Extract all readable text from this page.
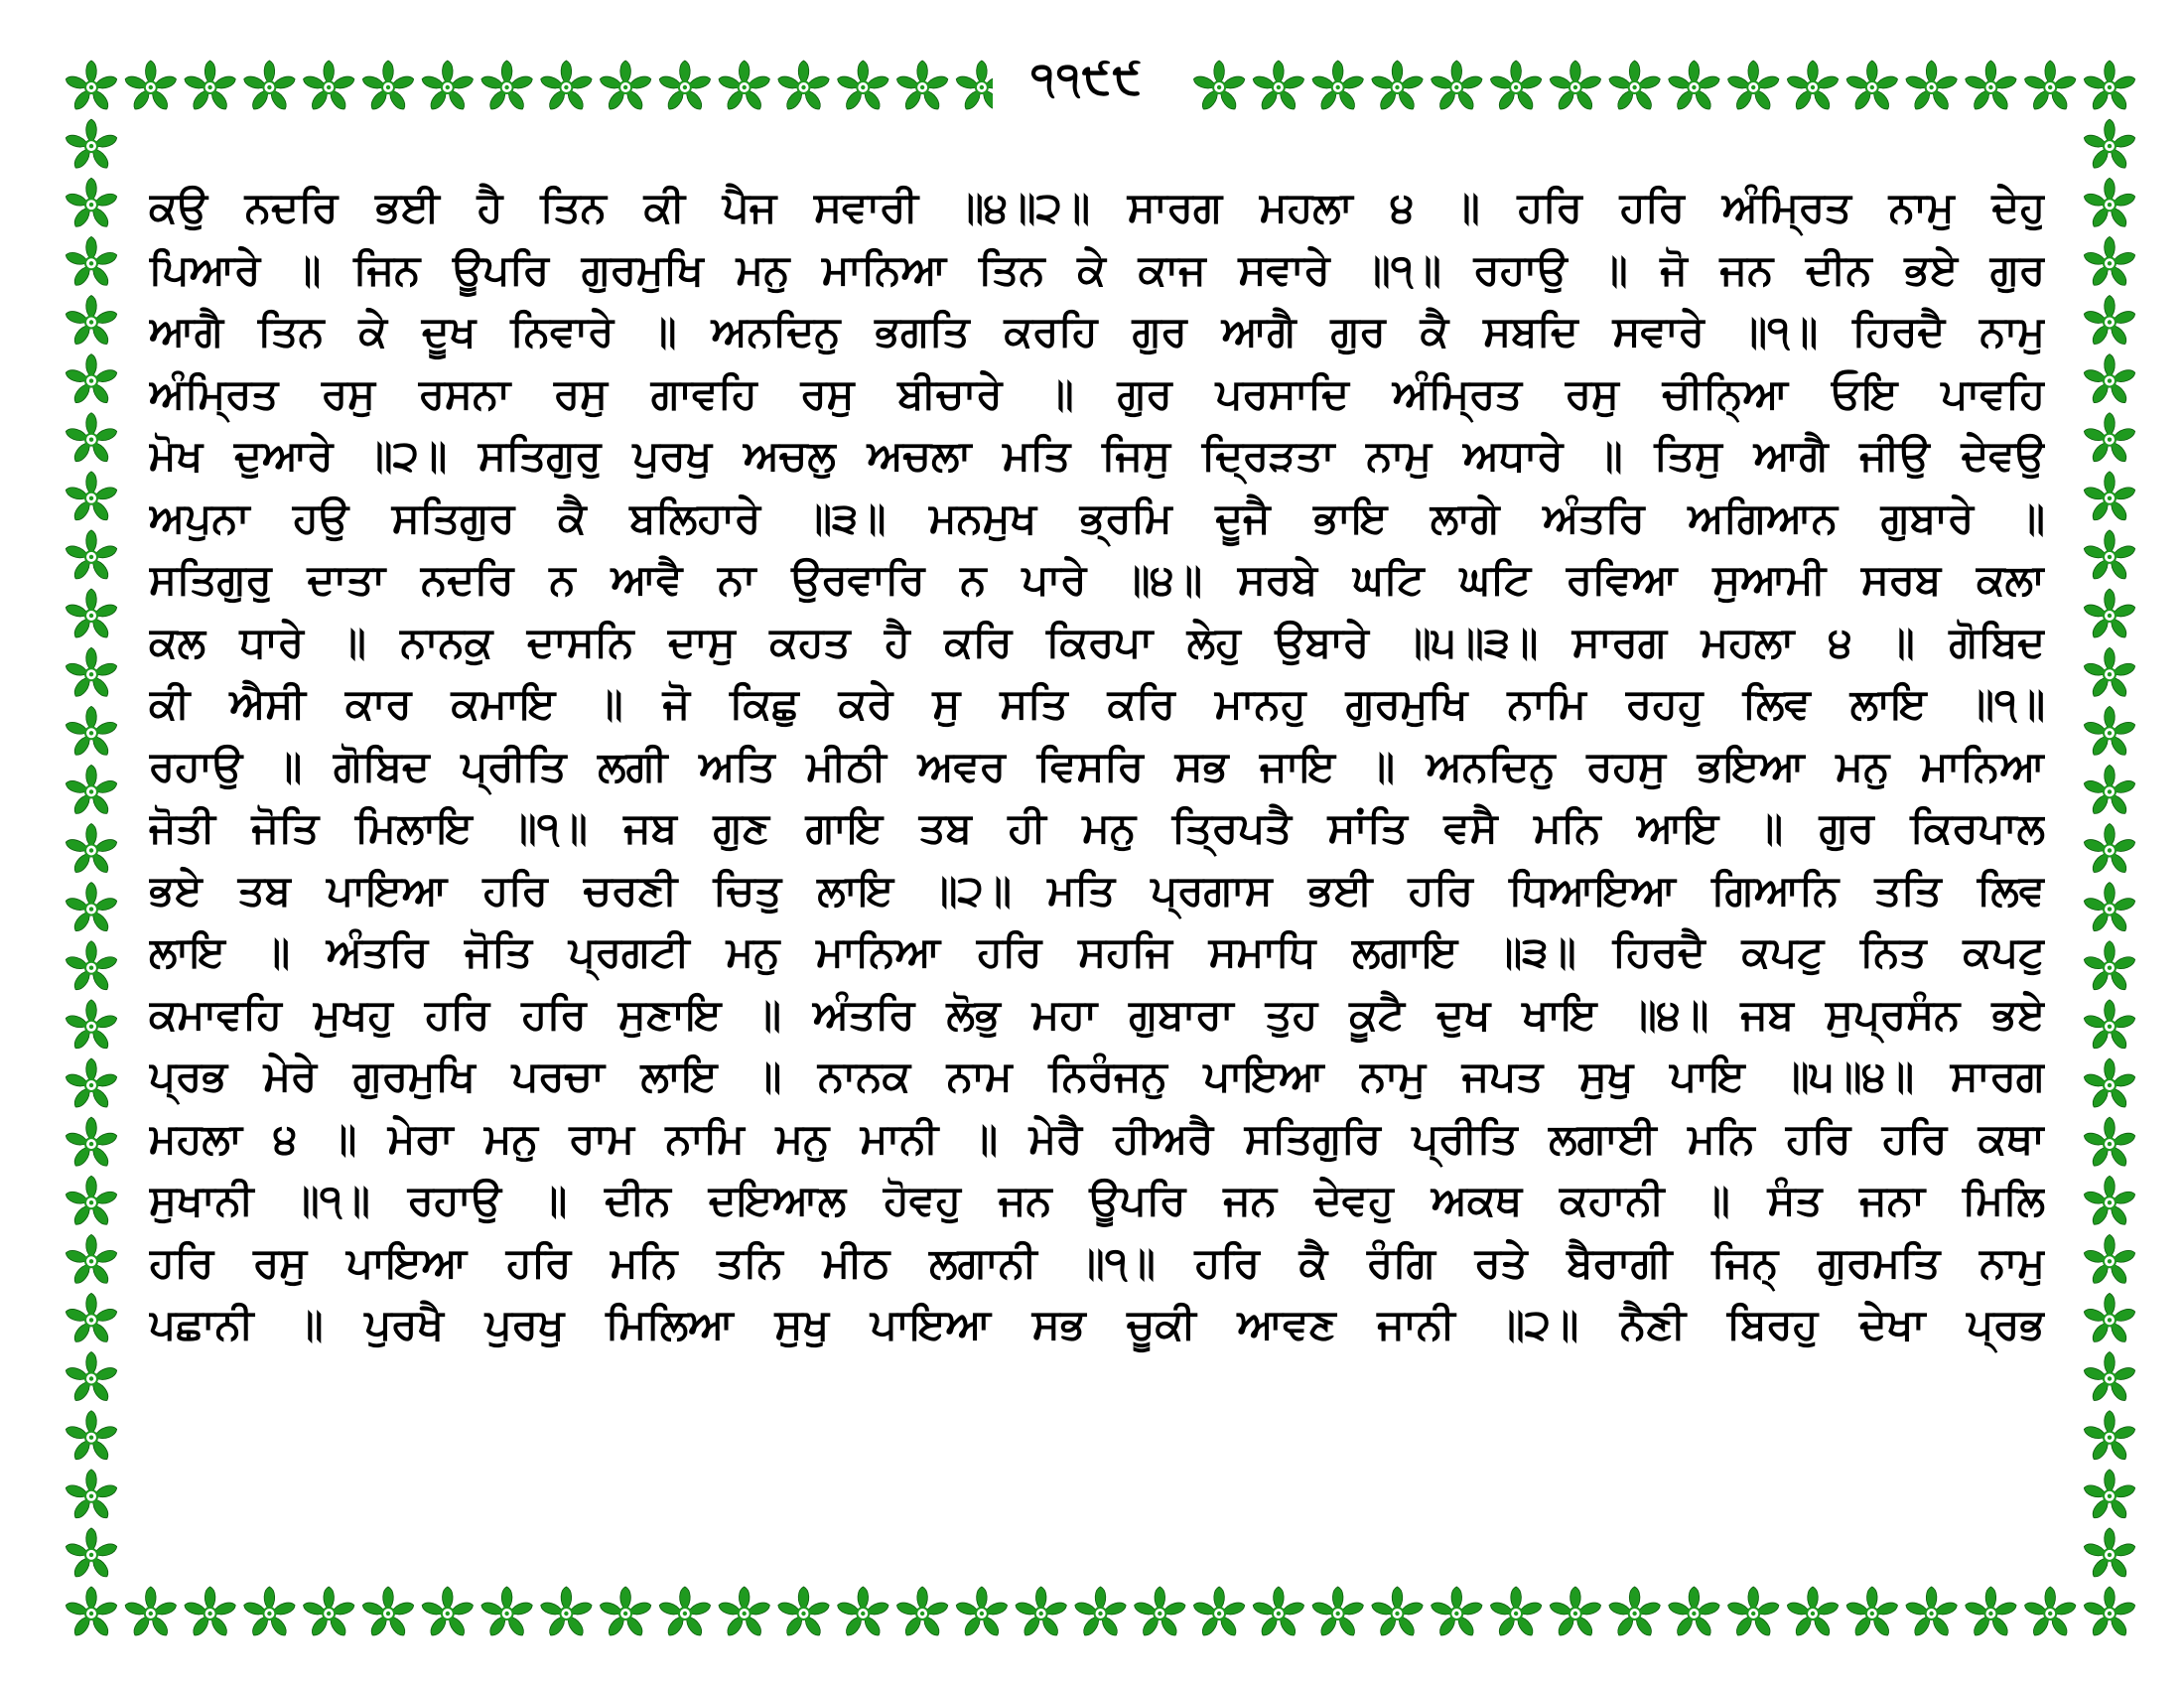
੧੧੯੯
ਕਉ ਨਦਰਿ ਭਈ ਹੈ ਤਿਨ ਕੀ ਪੈਜ ਸਵਾਰੀ ॥੪॥੨॥ ਸਾਰਗ ਮਹਲਾ ੪ ॥ ਹਰਿ ਹਰਿ ਅੰਮ੍ਰਿਤ ਨਾਮੁ ਦੇਹੁ
ਪਿਆਰੇ ॥ ਜਿਨ ਊਪਰਿ ਗੁਰਮੁਖਿ ਮਨੁ ਮਾਨਿਆ ਤਿਨ ਕੇ ਕਾਜ ਸਵਾਰੇ ॥੧॥ ਰਹਾਉ ॥ ਜੋ ਜਨ ਦੀਨ ਭਏ ਗੁਰ
ਆਗੈ ਤਿਨ ਕੇ ਦੂਖ ਨਿਵਾਰੇ ॥ ਅਨਦਿਨੁ ਭਗਤਿ ਕਰਹਿ ਗੁਰ ਆਗੈ ਗੁਰ ਕੈ ਸਬਦਿ ਸਵਾਰੇ ॥੧॥ ਹਿਰਦੈ ਨਾਮੁ
ਅੰਮ੍ਰਿਤ ਰਸੁ ਰਸਨਾ ਰਸੁ ਗਾਵਹਿ ਰਸੁ ਬੀਚਾਰੇ ॥ ਗੁਰ ਪਰਸਾਦਿ ਅੰਮ੍ਰਿਤ ਰਸੁ ਚੀਨਿ੍ਆ ਓਇ ਪਾਵਹਿ
ਮੋਖ ਦੁਆਰੇ ॥੨॥ ਸਤਿਗੁਰੁ ਪੁਰਖੁ ਅਚਲੁ ਅਚਲਾ ਮਤਿ ਜਿਸੁ ਦ੍ਰਿੜਤਾ ਨਾਮੁ ਅਧਾਰੇ ॥ ਤਿਸੁ ਆਗੈ ਜੀਉ ਦੇਵਉ
ਅਪੁਨਾ ਹਉ ਸਤਿਗੁਰ ਕੈ ਬਲਿਹਾਰੇ ॥੩॥ ਮਨਮੁਖ ਭ੍ਰਮਿ ਦੂਜੈ ਭਾਇ ਲਾਗੇ ਅੰਤਰਿ ਅਗਿਆਨ ਗੁਬਾਰੇ ॥
ਸਤਿਗੁਰੁ ਦਾਤਾ ਨਦਰਿ ਨ ਆਵੈ ਨਾ ਉਰਵਾਰਿ ਨ ਪਾਰੇ ॥੪॥ ਸਰਬੇ ਘਟਿ ਘਟਿ ਰਵਿਆ ਸੁਆਮੀ ਸਰਬ ਕਲਾ
ਕਲ ਧਾਰੇ ॥ ਨਾਨਕੁ ਦਾਸਨਿ ਦਾਸੁ ਕਹਤ ਹੈ ਕਰਿ ਕਿਰਪਾ ਲੇਹੁ ਉਬਾਰੇ ॥੫॥੩॥ ਸਾਰਗ ਮਹਲਾ ੪ ॥ ਗੋਬਿਦ
ਕੀ ਐਸੀ ਕਾਰ ਕਮਾਇ ॥ ਜੋ ਕਿਛੁ ਕਰੇ ਸੁ ਸਤਿ ਕਰਿ ਮਾਨਹੁ ਗੁਰਮੁਖਿ ਨਾਮਿ ਰਹਹੁ ਲਿਵ ਲਾਇ ॥੧॥
ਰਹਾਉ ॥ ਗੋਬਿਦ ਪ੍ਰੀਤਿ ਲਗੀ ਅਤਿ ਮੀਠੀ ਅਵਰ ਵਿਸਰਿ ਸਭ ਜਾਇ ॥ ਅਨਦਿਨੁ ਰਹਸੁ ਭਇਆ ਮਨੁ ਮਾਨਿਆ
ਜੋਤੀ ਜੋਤਿ ਮਿਲਾਇ ॥੧॥ ਜਬ ਗੁਣ ਗਾਇ ਤਬ ਹੀ ਮਨੁ ਤ੍ਰਿਪਤੈ ਸਾਂਤਿ ਵਸੈ ਮਨਿ ਆਇ ॥ ਗੁਰ ਕਿਰਪਾਲ
ਭਏ ਤਬ ਪਾਇਆ ਹਰਿ ਚਰਣੀ ਚਿਤੁ ਲਾਇ ॥੨॥ ਮਤਿ ਪ੍ਰਗਾਸ ਭਈ ਹਰਿ ਧਿਆਇਆ ਗਿਆਨਿ ਤਤਿ ਲਿਵ
ਲਾਇ ॥ ਅੰਤਰਿ ਜੋਤਿ ਪ੍ਰਗਟੀ ਮਨੁ ਮਾਨਿਆ ਹਰਿ ਸਹਜਿ ਸਮਾਧਿ ਲਗਾਇ ॥੩॥ ਹਿਰਦੈ ਕਪਟੁ ਨਿਤ ਕਪਟੁ
ਕਮਾਵਹਿ ਮੁਖਹੁ ਹਰਿ ਹਰਿ ਸੁਣਾਇ ॥ ਅੰਤਰਿ ਲੋਭੁ ਮਹਾ ਗੁਬਾਰਾ ਤੁਹ ਕੂਟੈ ਦੁਖ ਖਾਇ ॥੪॥ ਜਬ ਸੁਪ੍ਰਸੰਨ ਭਏ
ਪ੍ਰਭ ਮੇਰੇ ਗੁਰਮੁਖਿ ਪਰਚਾ ਲਾਇ ॥ ਨਾਨਕ ਨਾਮ ਨਿਰੰਜਨੁ ਪਾਇਆ ਨਾਮੁ ਜਪਤ ਸੁਖੁ ਪਾਇ ॥੫॥੪॥ ਸਾਰਗ
ਮਹਲਾ ੪ ॥ ਮੇਰਾ ਮਨੁ ਰਾਮ ਨਾਮਿ ਮਨੁ ਮਾਨੀ ॥ ਮੇਰੈ ਹੀਅਰੈ ਸਤਿਗੁਰਿ ਪ੍ਰੀਤਿ ਲਗਾਈ ਮਨਿ ਹਰਿ ਹਰਿ ਕਥਾ
ਸੁਖਾਨੀ ॥੧॥ ਰਹਾਉ ॥ ਦੀਨ ਦਇਆਲ ਹੋਵਹੁ ਜਨ ਊਪਰਿ ਜਨ ਦੇਵਹੁ ਅਕਥ ਕਹਾਨੀ ॥ ਸੰਤ ਜਨਾ ਮਿਲਿ
ਹਰਿ ਰਸੁ ਪਾਇਆ ਹਰਿ ਮਨਿ ਤਨਿ ਮੀਠ ਲਗਾਨੀ ॥੧॥ ਹਰਿ ਕੈ ਰੰਗਿ ਰਤੇ ਬੈਰਾਗੀ ਜਿਨ੍ ਗੁਰਮਤਿ ਨਾਮੁ
ਪਛਾਨੀ ॥ ਪੁਰਖੈ ਪੁਰਖੁ ਮਿਲਿਆ ਸੁਖੁ ਪਾਇਆ ਸਭ ਚੂਕੀ ਆਵਣ ਜਾਨੀ ॥੨॥ ਨੈਣੀ ਬਿਰਹੁ ਦੇਖਾ ਪ੍ਰਭ
